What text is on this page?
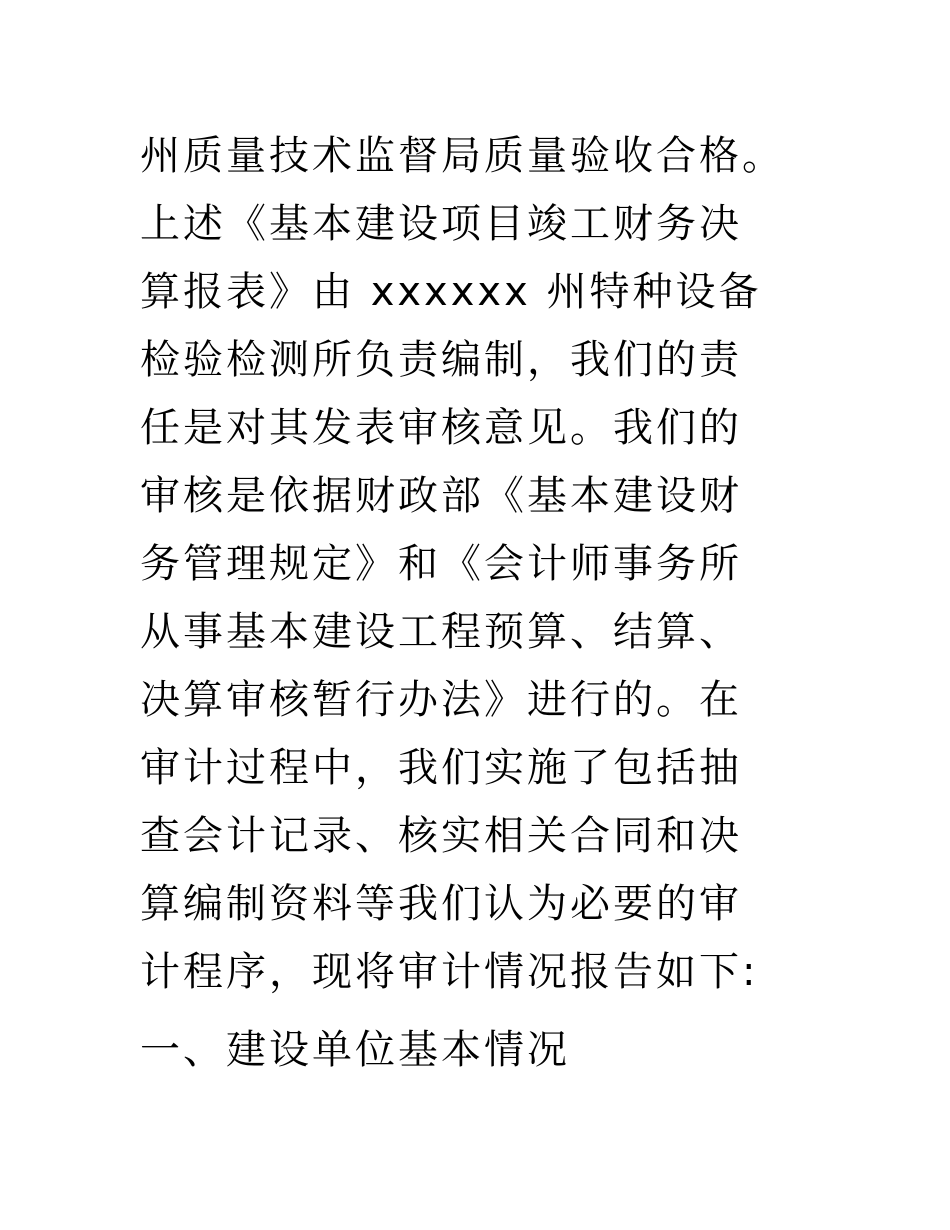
州质量技术监督局质量验收合格。
上述《基本建设项目竣工财务决
算报表》由 xxxxxx 州特种设备
检验检测所负责编制，我们的责
任是对其发表审核意见。我们的
审核是依据财政部《基本建设财
务管理规定》和《会计师事务所
从事基本建设工程预算、结算、
决算审核暂行办法》进行的。在
审计过程中，我们实施了包括抽
查会计记录、核实相关合同和决
算编制资料等我们认为必要的审
计程序，现将审计情况报告如下:
一、建设单位基本情况
